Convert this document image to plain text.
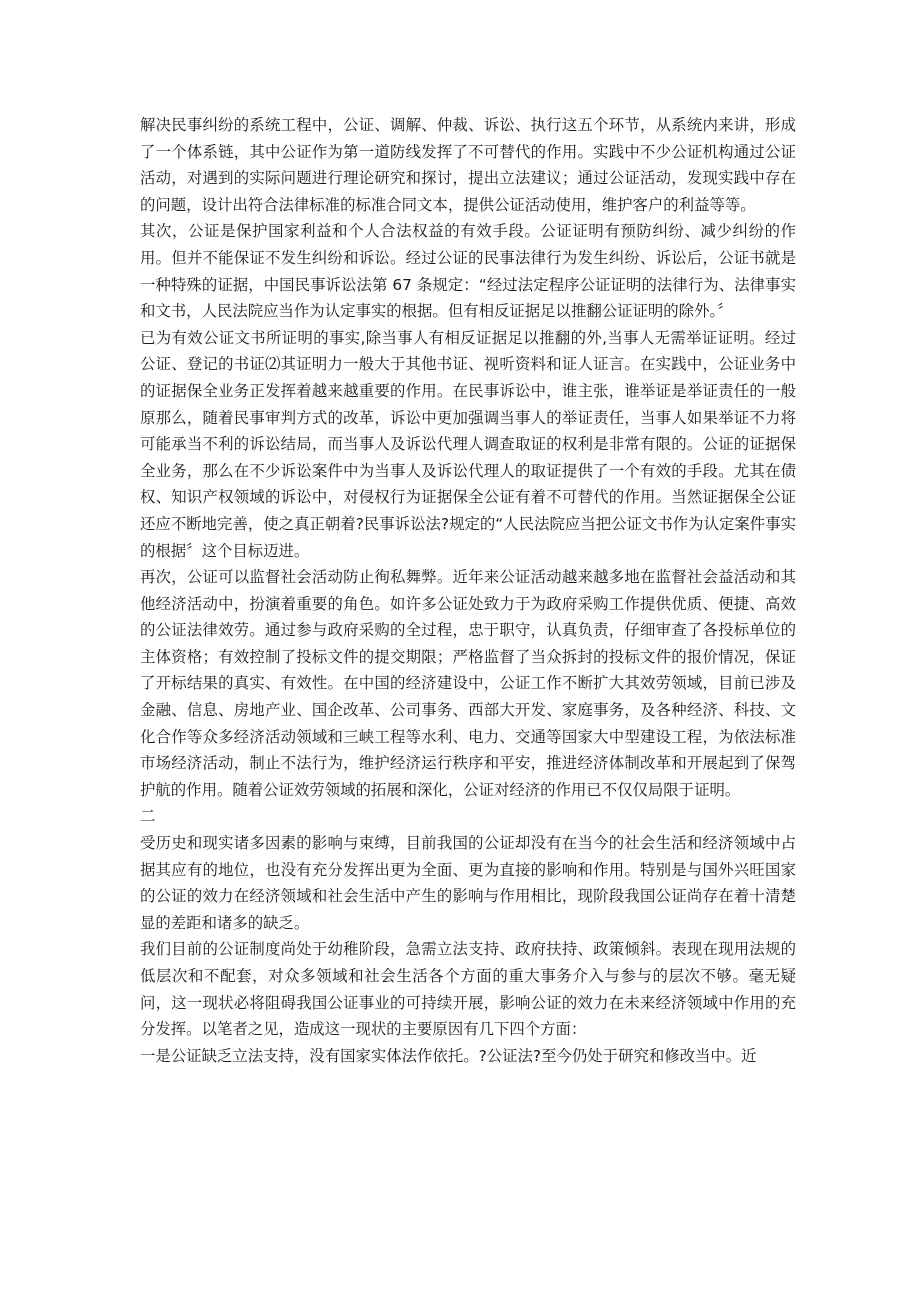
解决民事纠纷的系统工程中，公证、调解、仲裁、诉讼、执行这五个环节，从系统内来讲，形成了一个体系链，其中公证作为第一道防线发挥了不可替代的作用。实践中不少公证机构通过公证活动，对遇到的实际问题进行理论研究和探讨，提出立法建议；通过公证活动，发现实践中存在的问题，设计出符合法律标准的标准合同文本，提供公证活动使用，维护客户的利益等等。

其次，公证是保护国家利益和个人合法权益的有效手段。公证证明有预防纠纷、减少纠纷的作用。但并不能保证不发生纠纷和诉讼。经过公证的民事法律行为发生纠纷、诉讼后，公证书就是一种特殊的证据，中国民事诉讼法第 67 条规定：“经过法定程序公证证明的法律行为、法律事实和文书，人民法院应当作为认定事实的根据。但有相反证据足以推翻公证证明的除外。〞

已为有效公证文书所证明的事实,除当事人有相反证据足以推翻的外,当事人无需举证证明。经过公证、登记的书证⑵其证明力一般大于其他书证、视听资料和证人证言。在实践中，公证业务中的证据保全业务正发挥着越来越重要的作用。在民事诉讼中，谁主张，谁举证是举证责任的一般原那么，随着民事审判方式的改革，诉讼中更加强调当事人的举证责任，当事人如果举证不力将可能承当不利的诉讼结局，而当事人及诉讼代理人调查取证的权利是非常有限的。公证的证据保全业务，那么在不少诉讼案件中为当事人及诉讼代理人的取证提供了一个有效的手段。尤其在债权、知识产权领域的诉讼中，对侵权行为证据保全公证有着不可替代的作用。当然证据保全公证还应不断地完善，使之真正朝着?民事诉讼法?规定的“人民法院应当把公证文书作为认定案件事实的根据〞这个目标迈进。

再次，公证可以监督社会活动防止徇私舞弊。近年来公证活动越来越多地在监督社会益活动和其他经济活动中，扮演着重要的角色。如许多公证处致力于为政府采购工作提供优质、便捷、高效的公证法律效劳。通过参与政府采购的全过程，忠于职守，认真负责，仔细审查了各投标单位的主体资格；有效控制了投标文件的提交期限；严格监督了当众拆封的投标文件的报价情况，保证了开标结果的真实、有效性。在中国的经济建设中，公证工作不断扩大其效劳领域，目前已涉及金融、信息、房地产业、国企改革、公司事务、西部大开发、家庭事务，及各种经济、科技、文化合作等众多经济活动领域和三峡工程等水利、电力、交通等国家大中型建设工程，为依法标准市场经济活动，制止不法行为，维护经济运行秩序和平安，推进经济体制改革和开展起到了保驾护航的作用。随着公证效劳领域的拓展和深化，公证对经济的作用已不仅仅局限于证明。

二

受历史和现实诸多因素的影响与束缚，目前我国的公证却没有在当今的社会生活和经济领域中占据其应有的地位，也没有充分发挥出更为全面、更为直接的影响和作用。特别是与国外兴旺国家的公证的效力在经济领域和社会生活中产生的影响与作用相比，现阶段我国公证尚存在着十清楚显的差距和诸多的缺乏。

我们目前的公证制度尚处于幼稚阶段，急需立法支持、政府扶持、政策倾斜。表现在现用法规的低层次和不配套，对众多领域和社会生活各个方面的重大事务介入与参与的层次不够。毫无疑问，这一现状必将阻碍我国公证事业的可持续开展，影响公证的效力在未来经济领域中作用的充分发挥。以笔者之见，造成这一现状的主要原因有几下四个方面：

一是公证缺乏立法支持，没有国家实体法作依托。?公证法?至今仍处于研究和修改当中。近
